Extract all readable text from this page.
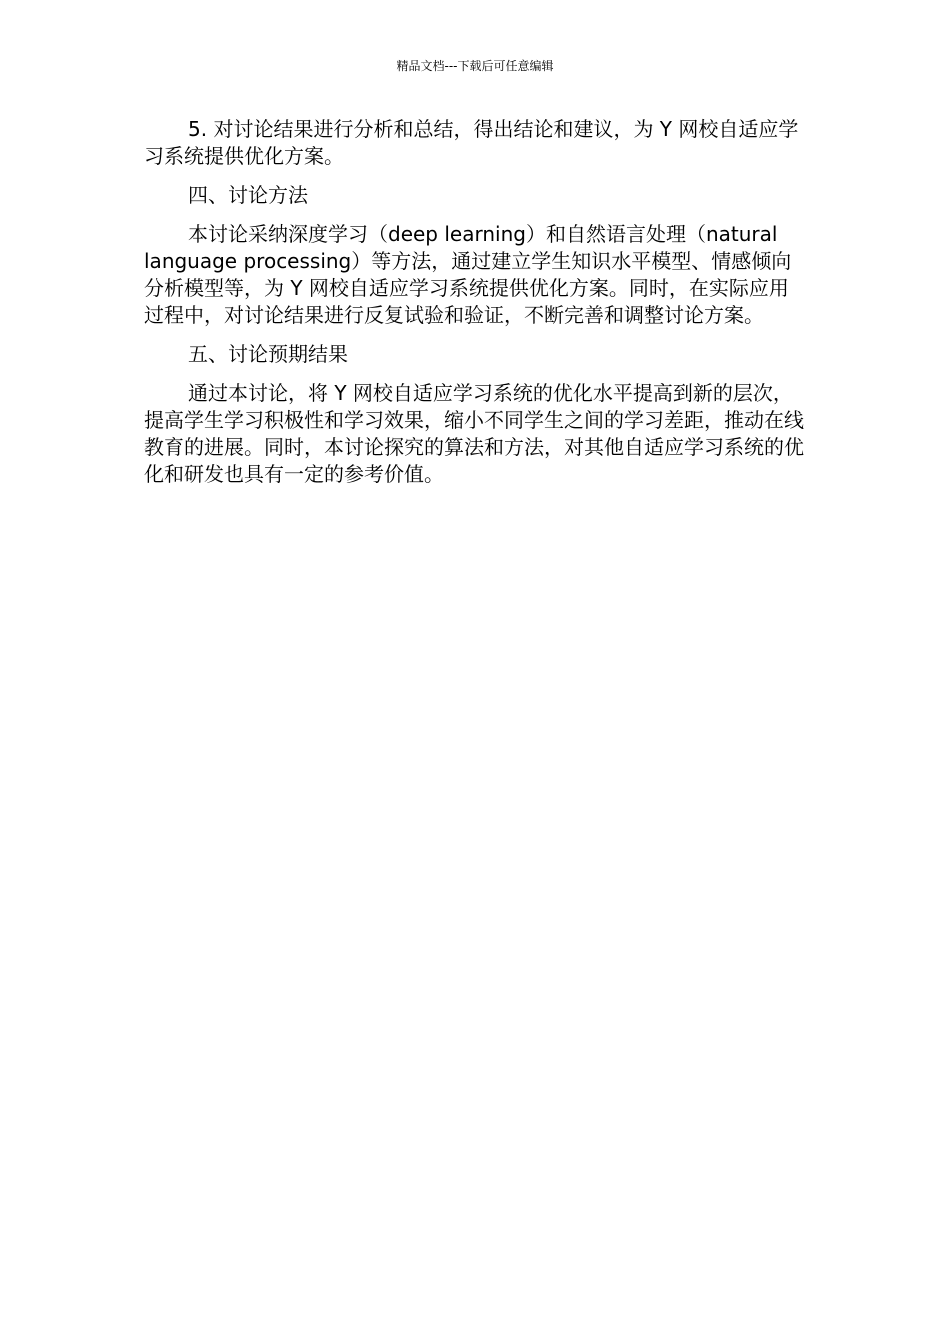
精品文档---下载后可任意编辑

5. 对讨论结果进行分析和总结，得出结论和建议，为 Y 网校自适应学习系统提供优化方案。

四、讨论方法

本讨论采纳深度学习（deep learning）和自然语言处理（natural language processing）等方法，通过建立学生知识水平模型、情感倾向分析模型等，为 Y 网校自适应学习系统提供优化方案。同时，在实际应用过程中，对讨论结果进行反复试验和验证，不断完善和调整讨论方案。

五、讨论预期结果

通过本讨论，将 Y 网校自适应学习系统的优化水平提高到新的层次，提高学生学习积极性和学习效果，缩小不同学生之间的学习差距，推动在线教育的进展。同时，本讨论探究的算法和方法，对其他自适应学习系统的优化和研发也具有一定的参考价值。
